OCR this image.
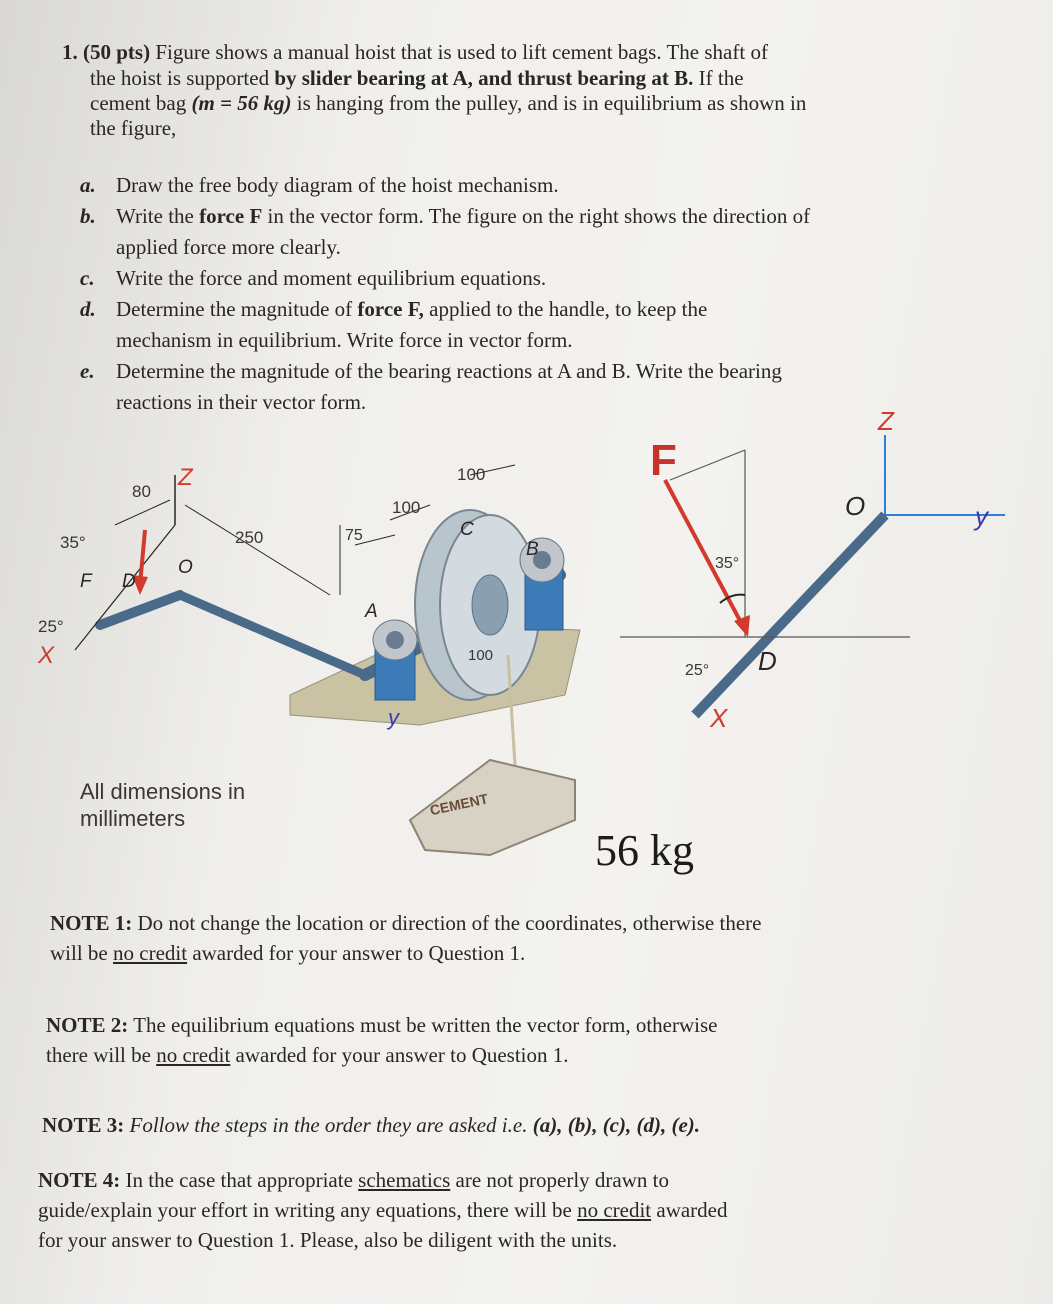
1. (50 pts) Figure shows a manual hoist that is used to lift cement bags. The shaft of
the hoist is supported by slider bearing at A, and thrust bearing at B. If the
cement bag (m = 56 kg) is hanging from the pulley, and is in equilibrium as shown in
the figure,
a. Draw the free body diagram of the hoist mechanism.
b. Write the force F in the vector form. The figure on the right shows the direction of
applied force more clearly.
c. Write the force and moment equilibrium equations.
d. Determine the magnitude of force F, applied to the handle, to keep the
mechanism in equilibrium. Write force in vector form.
e. Determine the magnitude of the bearing reactions at A and B. Write the bearing
reactions in their vector form.
CEMENT
80
250	75
100
100
100
35°
25°
Z
F D
O
X
A
B
C
y
F
Z
O	y
35°
25° D
X
All dimensions in
millimeters
56 kg
NOTE 1: Do not change the location or direction of the coordinates, otherwise there
will be no credit awarded for your answer to Question 1.
NOTE 2: The equilibrium equations must be written the vector form, otherwise
there will be no credit awarded for your answer to Question 1.
NOTE 3: Follow the steps in the order they are asked i.e. (a), (b), (c), (d), (e).
NOTE 4: In the case that appropriate schematics are not properly drawn to
guide/explain your effort in writing any equations, there will be no credit awarded
for your answer to Question 1. Please, also be diligent with the units.
